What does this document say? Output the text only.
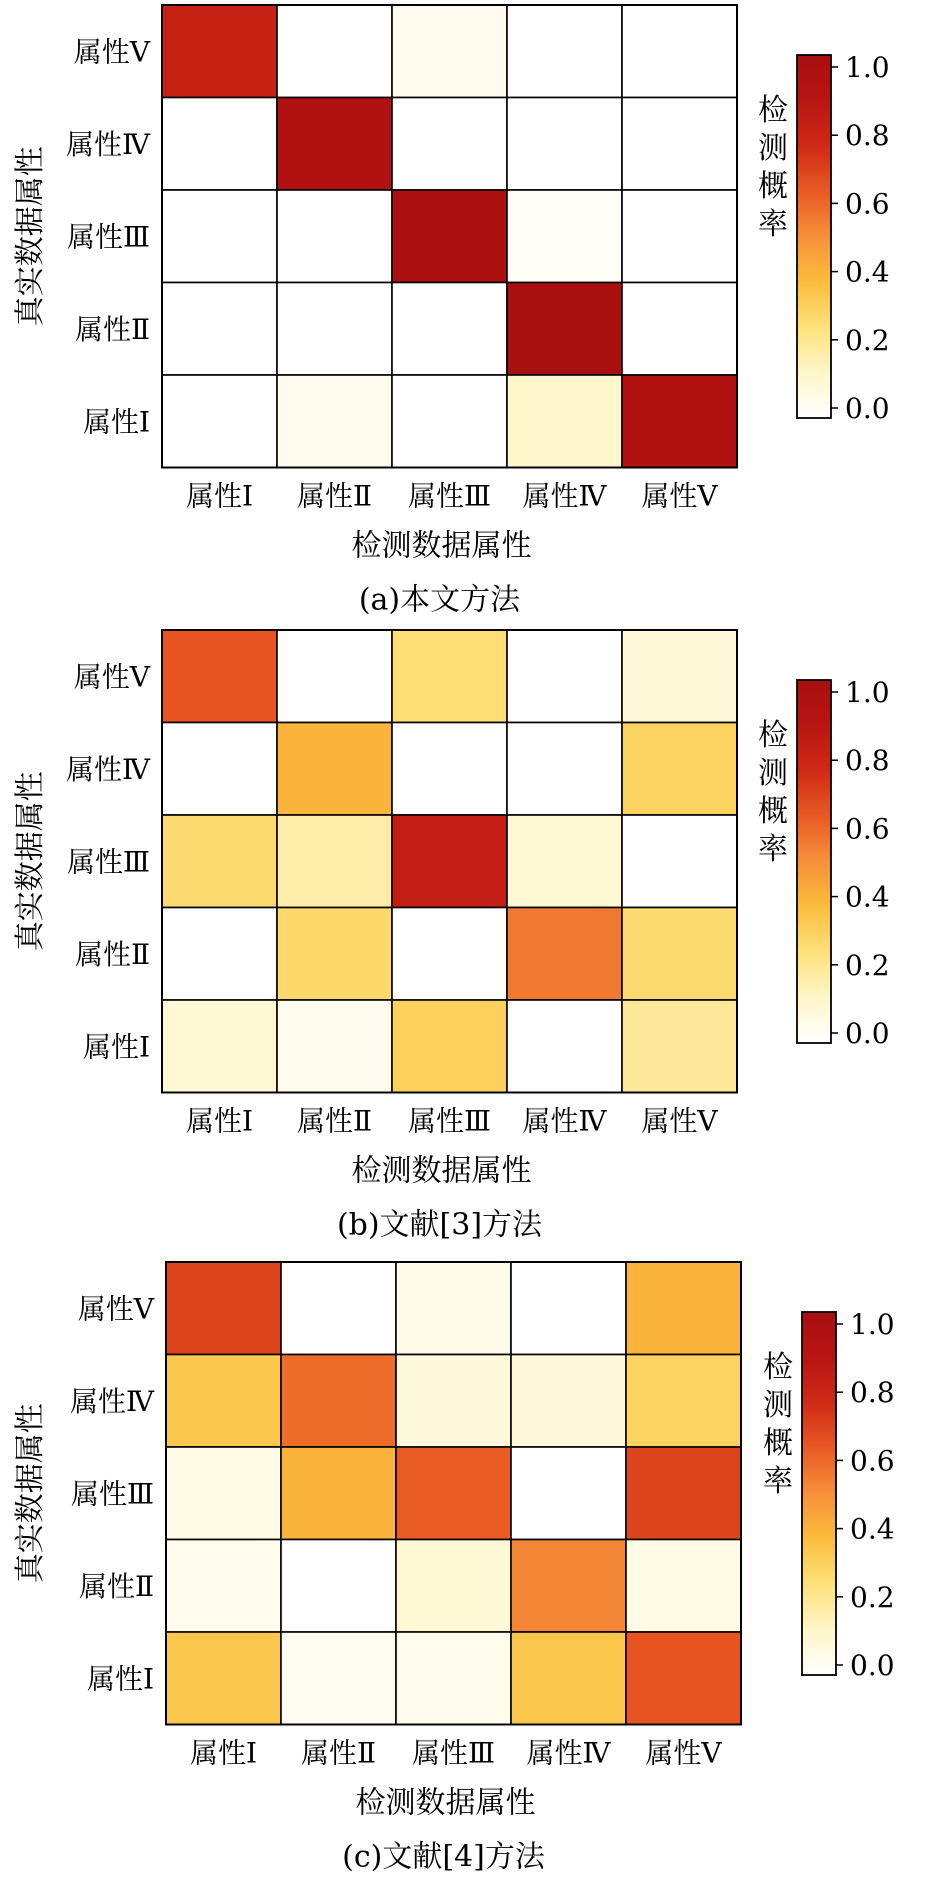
属性Ⅴ
属性Ⅳ
属性Ⅲ
属性Ⅱ
属性Ⅰ
属性Ⅰ 属性Ⅱ 属性Ⅲ 属性Ⅳ 属性Ⅴ
检测数据属性
真实数据属性
(a)本文方法
0.0
0.2
0.4
0.6
0.8
1.0
检测概率
属性Ⅴ
属性Ⅳ
属性Ⅲ
属性Ⅱ
属性Ⅰ
属性Ⅰ 属性Ⅱ 属性Ⅲ 属性Ⅳ 属性Ⅴ
检测数据属性
真实数据属性
(b)文献[3]方法
0.0
0.2
0.4
0.6
0.8
1.0
检测概率
属性Ⅴ
属性Ⅳ
属性Ⅲ
属性Ⅱ
属性Ⅰ
属性Ⅰ 属性Ⅱ 属性Ⅲ 属性Ⅳ 属性Ⅴ
检测数据属性
真实数据属性
(c)文献[4]方法
0.0
0.2
0.4
0.6
0.8
1.0
检测概率
